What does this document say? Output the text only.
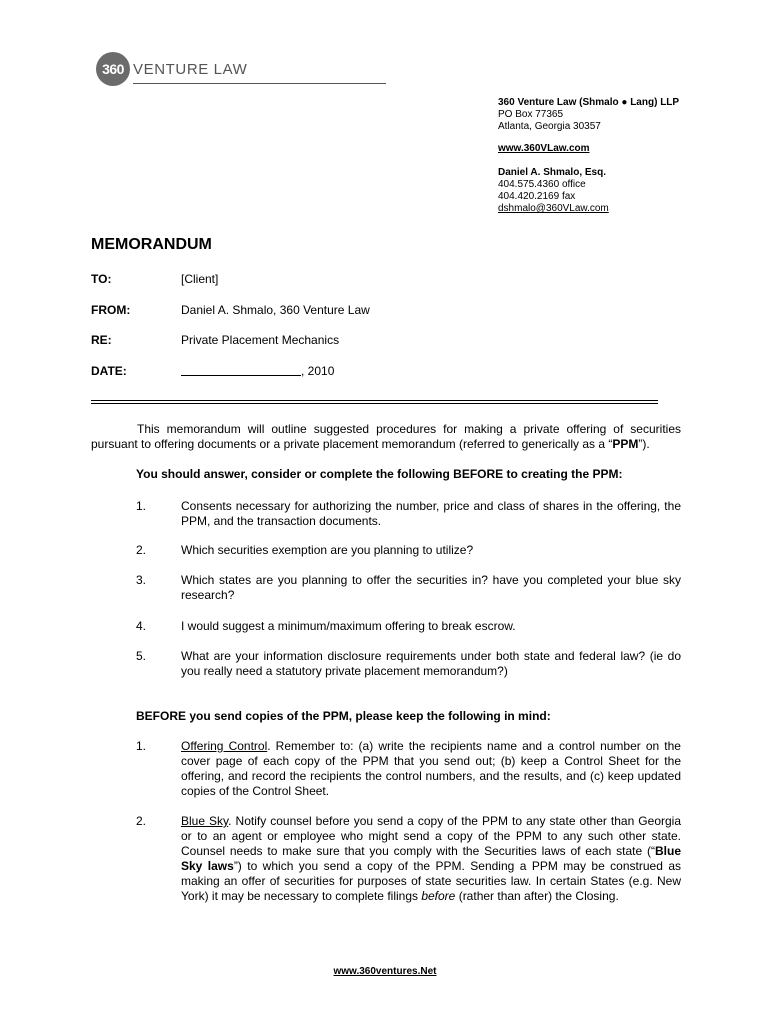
360 VENTURE LAW
360 Venture Law (Shmalo ● Lang) LLP
PO Box 77365
Atlanta, Georgia 30357
www.360VLaw.com
Daniel A. Shmalo, Esq.
404.575.4360 office
404.420.2169 fax
dshmalo@360VLaw.com
MEMORANDUM
TO:	[Client]
FROM:	Daniel A. Shmalo, 360 Venture Law
RE:	Private Placement Mechanics
DATE:	, 2010
This memorandum will outline suggested procedures for making a private offering of securities pursuant to offering documents or a private placement memorandum (referred to generically as a “PPM”).
You should answer, consider or complete the following BEFORE to creating the PPM:
1.	Consents necessary for authorizing the number, price and class of shares in the offering, the PPM, and the transaction documents.
2.	Which securities exemption are you planning to utilize?
3.	Which states are you planning to offer the securities in? have you completed your blue sky research?
4.	I would suggest a minimum/maximum offering to break escrow.
5.	What are your information disclosure requirements under both state and federal law? (ie do you really need a statutory private placement memorandum?)
BEFORE you send copies of the PPM, please keep the following in mind:
1.	Offering Control. Remember to: (a) write the recipients name and a control number on the cover page of each copy of the PPM that you send out; (b) keep a Control Sheet for the offering, and record the recipients the control numbers, and the results, and (c) keep updated copies of the Control Sheet.
2.	Blue Sky. Notify counsel before you send a copy of the PPM to any state other than Georgia or to an agent or employee who might send a copy of the PPM to any such other state. Counsel needs to make sure that you comply with the Securities laws of each state (“Blue Sky laws”) to which you send a copy of the PPM. Sending a PPM may be construed as making an offer of securities for purposes of state securities law. In certain States (e.g. New York) it may be necessary to complete filings before (rather than after) the Closing.
www.360ventures.Net
